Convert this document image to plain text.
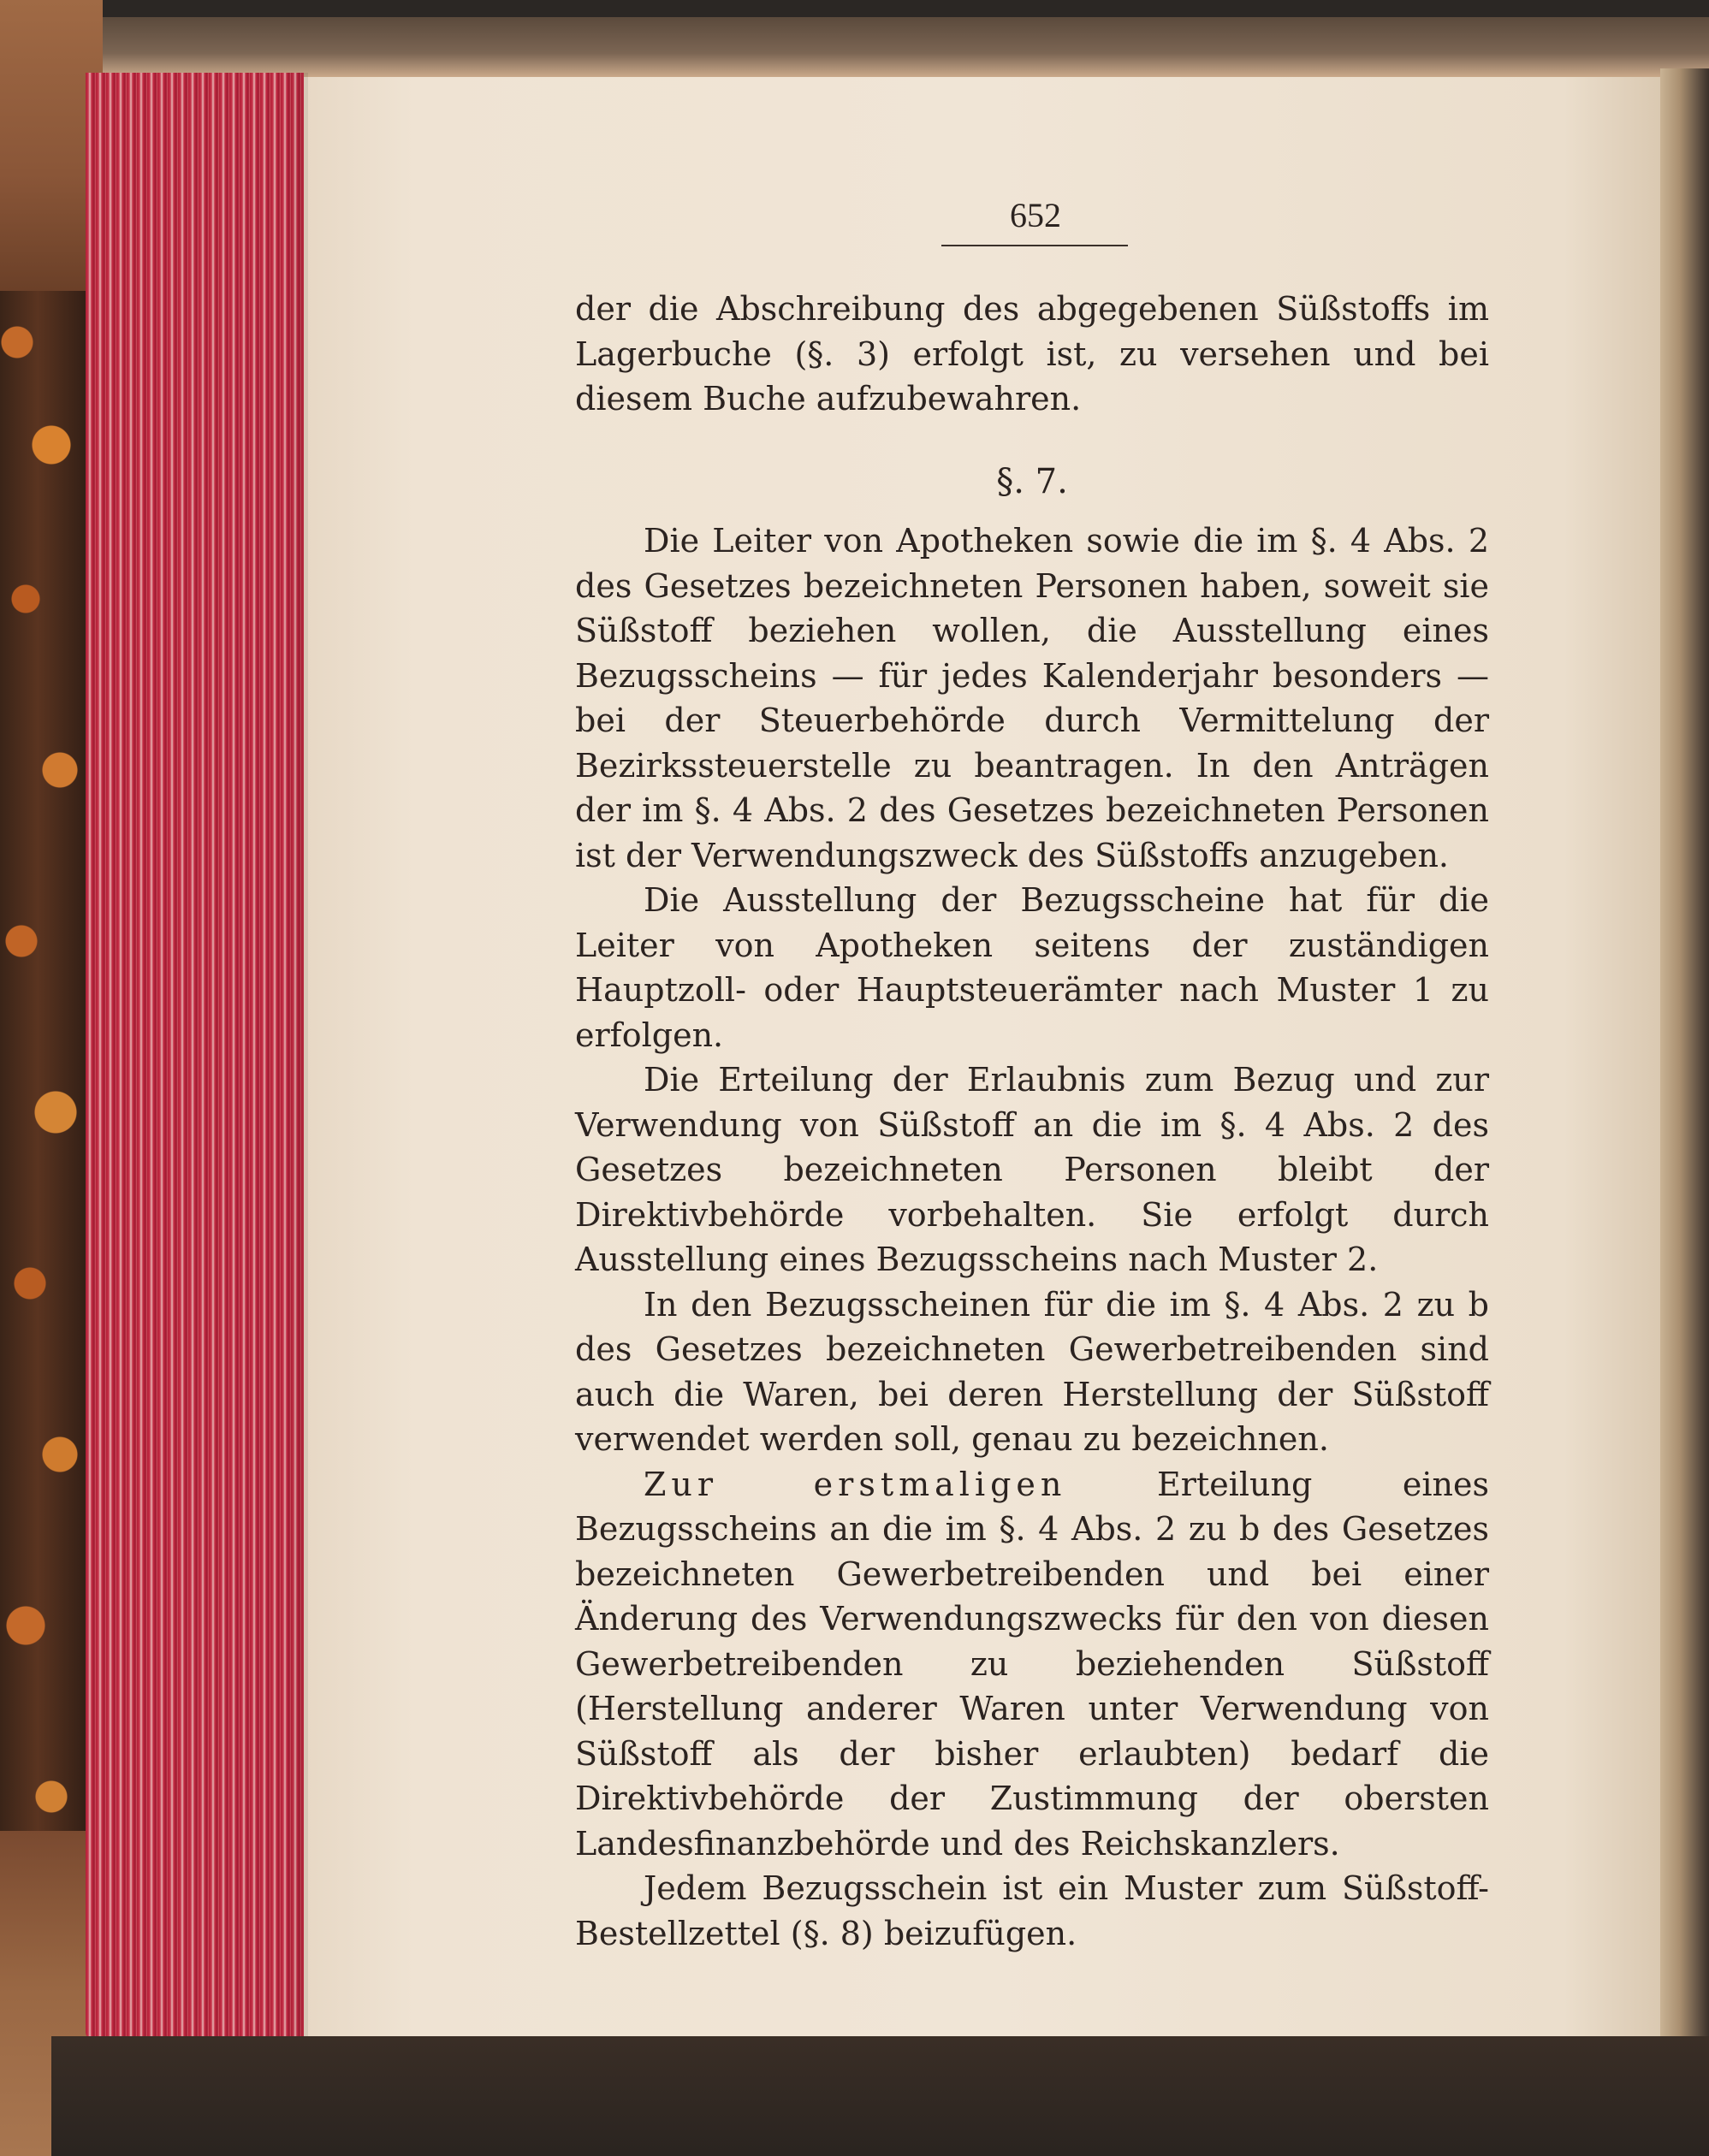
652
der die Abschreibung des abgegebenen Süßstoffs im Lagerbuche (§. 3) erfolgt ist, zu versehen und bei diesem Buche aufzubewahren.
§. 7.

Die Leiter von Apotheken sowie die im §. 4 Abs. 2 des Gesetzes bezeichneten Personen haben, soweit sie Süßstoff beziehen wollen, die Ausstellung eines Bezugsscheins — für jedes Kalenderjahr besonders — bei der Steuerbehörde durch Vermittelung der Bezirkssteuerstelle zu beantragen. In den Anträgen der im §. 4 Abs. 2 des Gesetzes bezeichneten Personen ist der Verwendungszweck des Süßstoffs anzugeben.

Die Ausstellung der Bezugsscheine hat für die Leiter von Apotheken seitens der zuständigen Hauptzoll- oder Hauptsteuerämter nach Muster 1 zu erfolgen.

Die Erteilung der Erlaubnis zum Bezug und zur Verwendung von Süßstoff an die im §. 4 Abs. 2 des Gesetzes bezeichneten Personen bleibt der Direktivbehörde vorbehalten. Sie erfolgt durch Ausstellung eines Bezugsscheins nach Muster 2.

In den Bezugsscheinen für die im §. 4 Abs. 2 zu b des Gesetzes bezeichneten Gewerbetreibenden sind auch die Waren, bei deren Herstellung der Süßstoff verwendet werden soll, genau zu bezeichnen.

Zur erstmaligen Erteilung eines Bezugsscheins an die im §. 4 Abs. 2 zu b des Gesetzes bezeichneten Gewerbetreibenden und bei einer Änderung des Verwendungszwecks für den von diesen Gewerbetreibenden zu beziehenden Süßstoff (Herstellung anderer Waren unter Verwendung von Süßstoff als der bisher erlaubten) bedarf die Direktivbehörde der Zustimmung der obersten Landesfinanzbehörde und des Reichskanzlers.

Jedem Bezugsschein ist ein Muster zum Süßstoff-Bestellzettel (§. 8) beizufügen.
